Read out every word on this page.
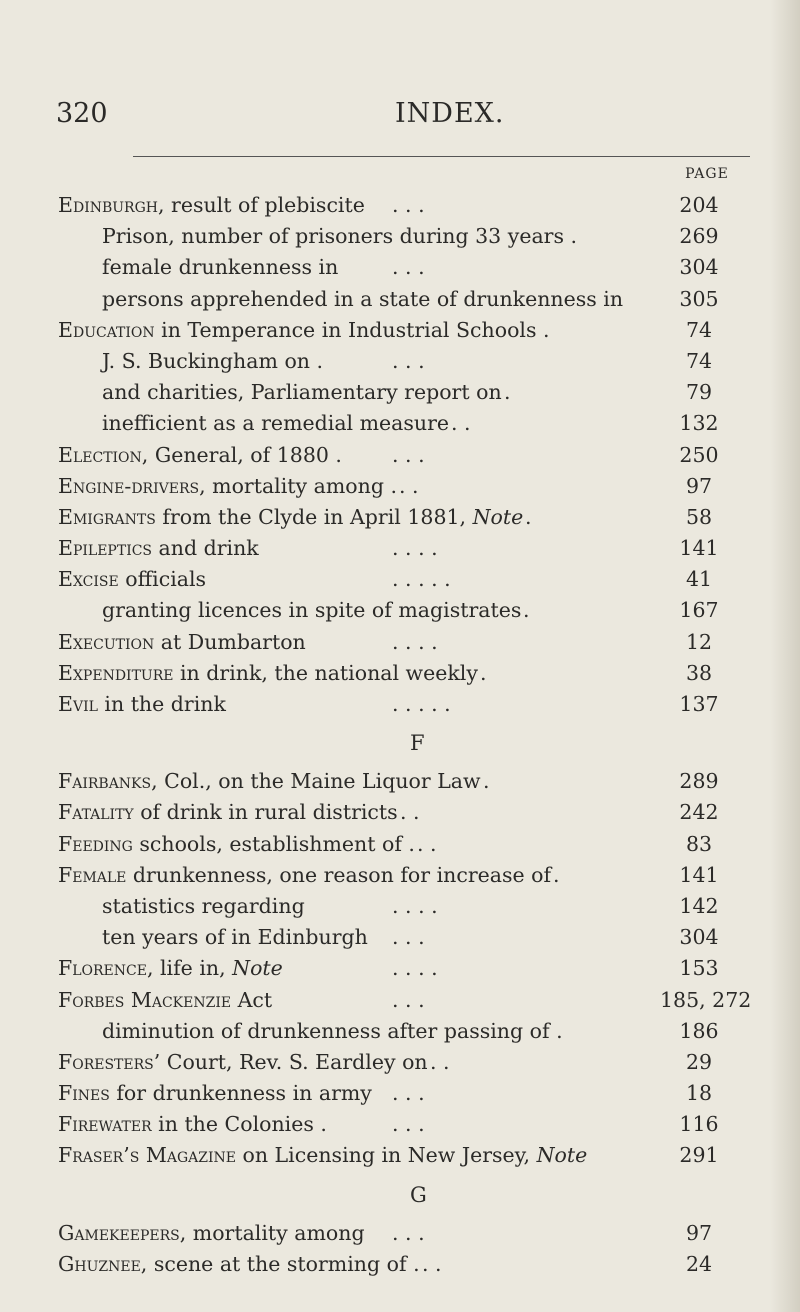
320	INDEX.
PAGE
Edinburgh, result of plebiscite . . .	204
Prison, number of prisoners during 33 years .	269
female drunkenness in	. . .	304
persons apprehended in a state of drunkenness in	305
Education in Temperance in Industrial Schools .	74
J. S. Buckingham on .	. . .	74
and charities, Parliamentary report on .	79
inefficient as a remedial measure . .	132
Election, General, of 1880 . . . .	250
Engine-drivers, mortality among . . .	97
Emigrants from the Clyde in April 1881, Note .	58
Epileptics and drink	. . . .	141
Excise officials	. . . . .	41
granting licences in spite of magistrates .	167
Execution at Dumbarton	. . . .	12
Expenditure in drink, the national weekly .	38
Evil in the drink	. . . . .	137
F
Fairbanks, Col., on the Maine Liquor Law .	289
Fatality of drink in rural districts . .	242
Feeding schools, establishment of . . .	83
Female drunkenness, one reason for increase of .	141
statistics regarding	. . . .	142
ten years of in Edinburgh . . .	304
Florence, life in, Note	. . . .	153
Forbes Mackenzie Act	. . .	185, 272
diminution of drunkenness after passing of .	186
Foresters’ Court, Rev. S. Eardley on . .	29
Fines for drunkenness in army . . .	18
Firewater in the Colonies .	. . .	116
Fraser’s Magazine on Licensing in New Jersey, Note	291
G
Gamekeepers, mortality among . . .	97
Ghuznee, scene at the storming of . . .	24
